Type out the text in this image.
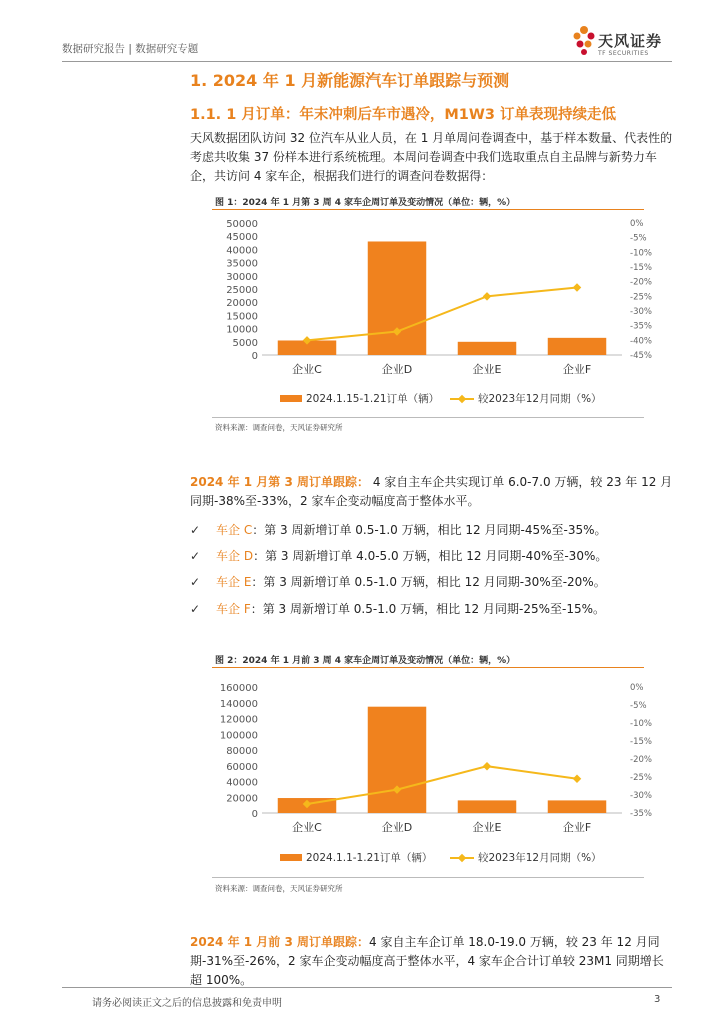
数据研究报告 | 数据研究专题	天风证券
TF SECURITIES
1. 2024 年 1 月新能源汽车订单跟踪与预测
1.1. 1 月订单：年末冲刺后车市遇冷，M1W3 订单表现持续走低
天风数据团队访问 32 位汽车从业人员，在 1 月单周问卷调查中，基于样本数量、代表性的考虑共收集 37 份样本进行系统梳理。本周问卷调查中我们选取重点自主品牌与新势力车企，共访问 4 家车企，根据我们进行的调查问卷数据得：
图 1：2024 年 1 月第 3 周 4 家车企周订单及变动情况（单位：辆，%）
0
5000
10000
15000
20000
25000
30000
35000
40000
45000
50000	0%
-5%
-10%
-15%
-20%
-25%
-30%
-35%
-40%
-45%
企业C	企业D	企业E	企业F
2024.1.15-1.21订单（辆）	较2023年12月同期（%）
资料来源：调查问卷，天风证券研究所
2024 年 1 月第 3 周订单跟踪： 4 家自主车企共实现订单 6.0-7.0 万辆，较 23 年 12 月同期-38%至-33%，2 家车企变动幅度高于整体水平。
✓ 车企 C：第 3 周新增订单 0.5-1.0 万辆，相比 12 月同期-45%至-35%。
✓ 车企 D：第 3 周新增订单 4.0-5.0 万辆，相比 12 月同期-40%至-30%。
✓ 车企 E：第 3 周新增订单 0.5-1.0 万辆，相比 12 月同期-30%至-20%。
✓ 车企 F：第 3 周新增订单 0.5-1.0 万辆，相比 12 月同期-25%至-15%。
图 2：2024 年 1 月前 3 周 4 家车企周订单及变动情况（单位：辆，%）
0
20000
40000
60000
80000
100000
120000
140000
160000	0%
-5%
-10%
-15%
-20%
-25%
-30%
-35%
企业C	企业D	企业E	企业F
2024.1.1-1.21订单（辆）	较2023年12月同期（%）
资料来源：调查问卷，天风证券研究所
2024 年 1 月前 3 周订单跟踪：4 家自主车企订单 18.0-19.0 万辆，较 23 年 12 月同期-31%至-26%，2 家车企变动幅度高于整体水平，4 家车企合计订单较 23M1 同期增长超 100%。
请务必阅读正文之后的信息披露和免责申明	3
